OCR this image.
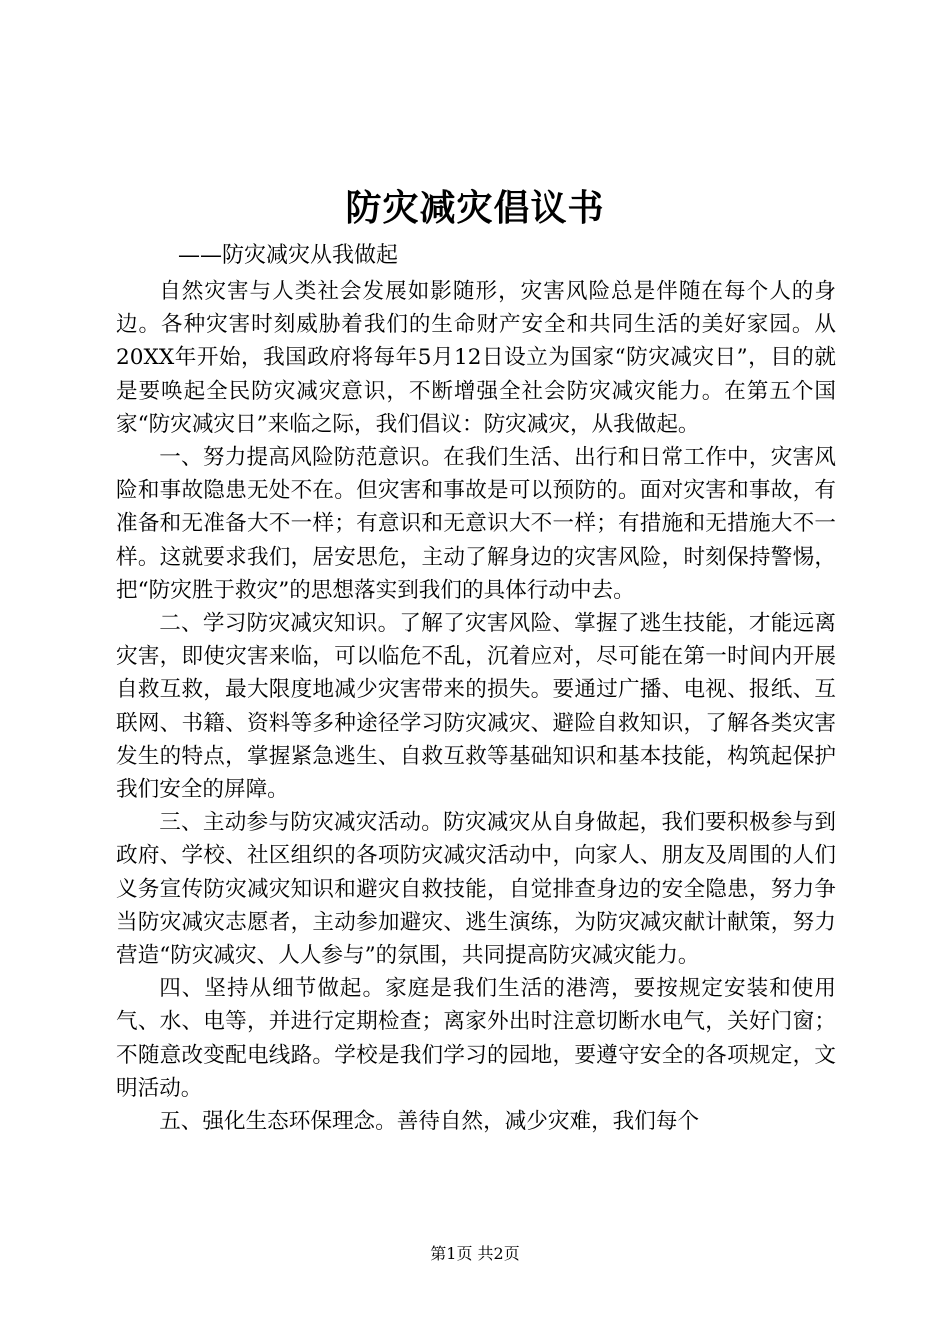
防灾减灾倡议书
——防灾减灾从我做起

自然灾害与人类社会发展如影随形，灾害风险总是伴随在每个人的身边。各种灾害时刻威胁着我们的生命财产安全和共同生活的美好家园。从20XX年开始，我国政府将每年5月12日设立为国家“防灾减灾日”，目的就是要唤起全民防灾减灾意识，不断增强全社会防灾减灾能力。在第五个国家“防灾减灾日”来临之际，我们倡议：防灾减灾，从我做起。

一、努力提高风险防范意识。在我们生活、出行和日常工作中，灾害风险和事故隐患无处不在。但灾害和事故是可以预防的。面对灾害和事故，有准备和无准备大不一样；有意识和无意识大不一样；有措施和无措施大不一样。这就要求我们，居安思危，主动了解身边的灾害风险，时刻保持警惕，把“防灾胜于救灾”的思想落实到我们的具体行动中去。

二、学习防灾减灾知识。了解了灾害风险、掌握了逃生技能，才能远离灾害，即使灾害来临，可以临危不乱，沉着应对，尽可能在第一时间内开展自救互救，最大限度地减少灾害带来的损失。要通过广播、电视、报纸、互联网、书籍、资料等多种途径学习防灾减灾、避险自救知识，了解各类灾害发生的特点，掌握紧急逃生、自救互救等基础知识和基本技能，构筑起保护我们安全的屏障。

三、主动参与防灾减灾活动。防灾减灾从自身做起，我们要积极参与到政府、学校、社区组织的各项防灾减灾活动中，向家人、朋友及周围的人们义务宣传防灾减灾知识和避灾自救技能，自觉排查身边的安全隐患，努力争当防灾减灾志愿者，主动参加避灾、逃生演练，为防灾减灾献计献策，努力营造“防灾减灾、人人参与”的氛围，共同提高防灾减灾能力。

四、坚持从细节做起。家庭是我们生活的港湾，要按规定安装和使用气、水、电等，并进行定期检查；离家外出时注意切断水电气，关好门窗；不随意改变配电线路。学校是我们学习的园地，要遵守安全的各项规定，文明活动。

五、强化生态环保理念。善待自然，减少灾难，我们每个

第1页 共2页
